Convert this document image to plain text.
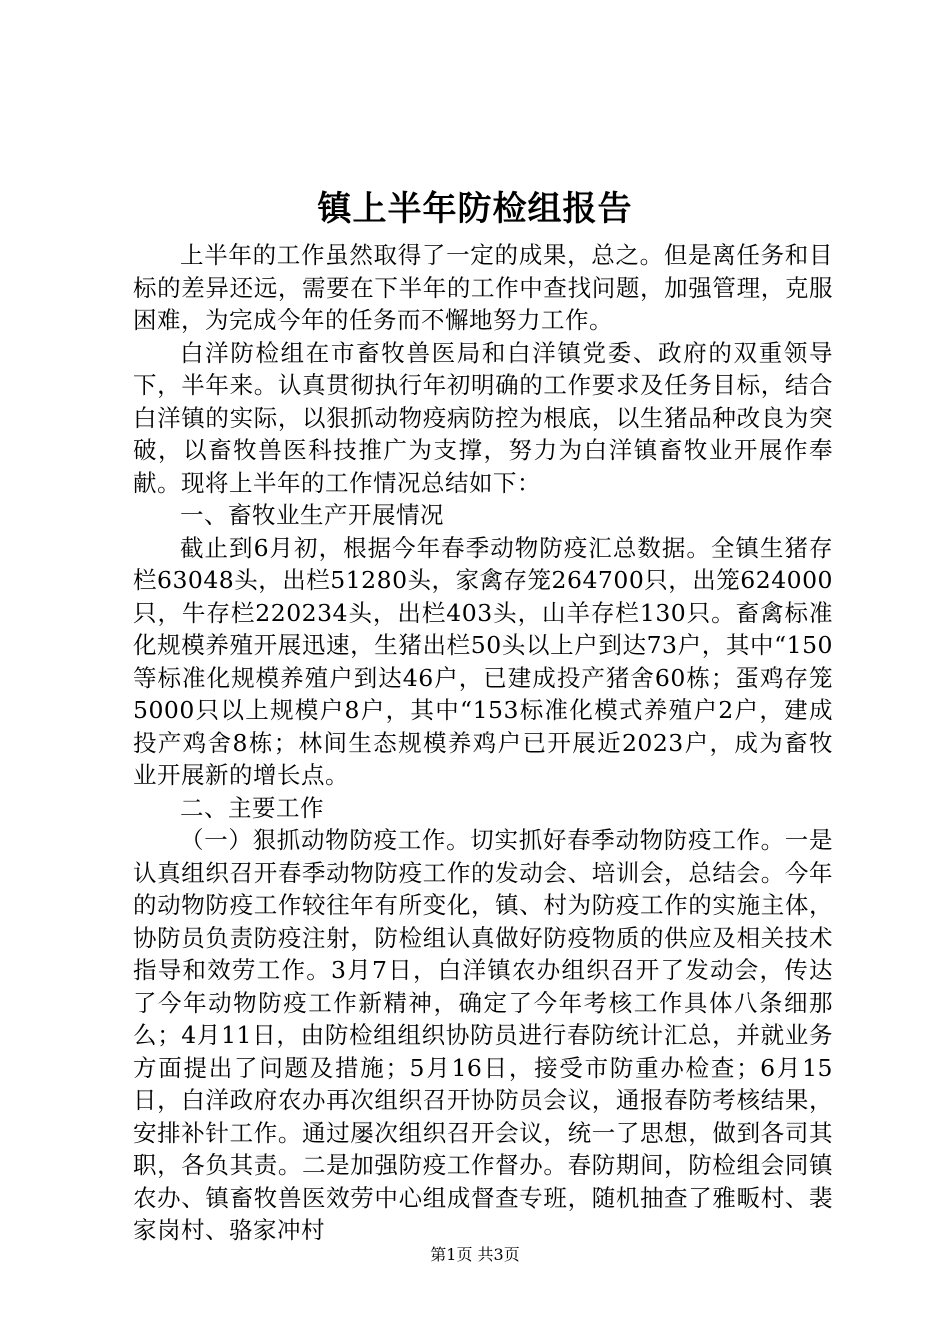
镇上半年防检组报告

上半年的工作虽然取得了一定的成果，总之。但是离任务和目标的差异还远，需要在下半年的工作中查找问题，加强管理，克服困难，为完成今年的任务而不懈地努力工作。

白洋防检组在市畜牧兽医局和白洋镇党委、政府的双重领导下，半年来。认真贯彻执行年初明确的工作要求及任务目标，结合白洋镇的实际，以狠抓动物疫病防控为根底，以生猪品种改良为突破，以畜牧兽医科技推广为支撑，努力为白洋镇畜牧业开展作奉献。现将上半年的工作情况总结如下：

一、畜牧业生产开展情况

截止到6月初，根据今年春季动物防疫汇总数据。全镇生猪存栏63048头，出栏51280头，家禽存笼264700只，出笼624000只，牛存栏220234头，出栏403头，山羊存栏130只。畜禽标准化规模养殖开展迅速，生猪出栏50头以上户到达73户，其中“150等标准化规模养殖户到达46户，已建成投产猪舍60栋；蛋鸡存笼5000只以上规模户8户，其中“153标准化模式养殖户2户，建成投产鸡舍8栋；林间生态规模养鸡户已开展近2023户，成为畜牧业开展新的增长点。

二、主要工作

（一）狠抓动物防疫工作。切实抓好春季动物防疫工作。一是认真组织召开春季动物防疫工作的发动会、培训会，总结会。今年的动物防疫工作较往年有所变化，镇、村为防疫工作的实施主体，协防员负责防疫注射，防检组认真做好防疫物质的供应及相关技术指导和效劳工作。3月7日，白洋镇农办组织召开了发动会，传达了今年动物防疫工作新精神，确定了今年考核工作具体八条细那么；4月11日，由防检组组织协防员进行春防统计汇总，并就业务方面提出了问题及措施；5月16日，接受市防重办检查；6月15日，白洋政府农办再次组织召开协防员会议，通报春防考核结果，安排补针工作。通过屡次组织召开会议，统一了思想，做到各司其职，各负其责。二是加强防疫工作督办。春防期间，防检组会同镇农办、镇畜牧兽医效劳中心组成督查专班，随机抽查了雅畈村、裴家岗村、骆家冲村

第1页 共3页
